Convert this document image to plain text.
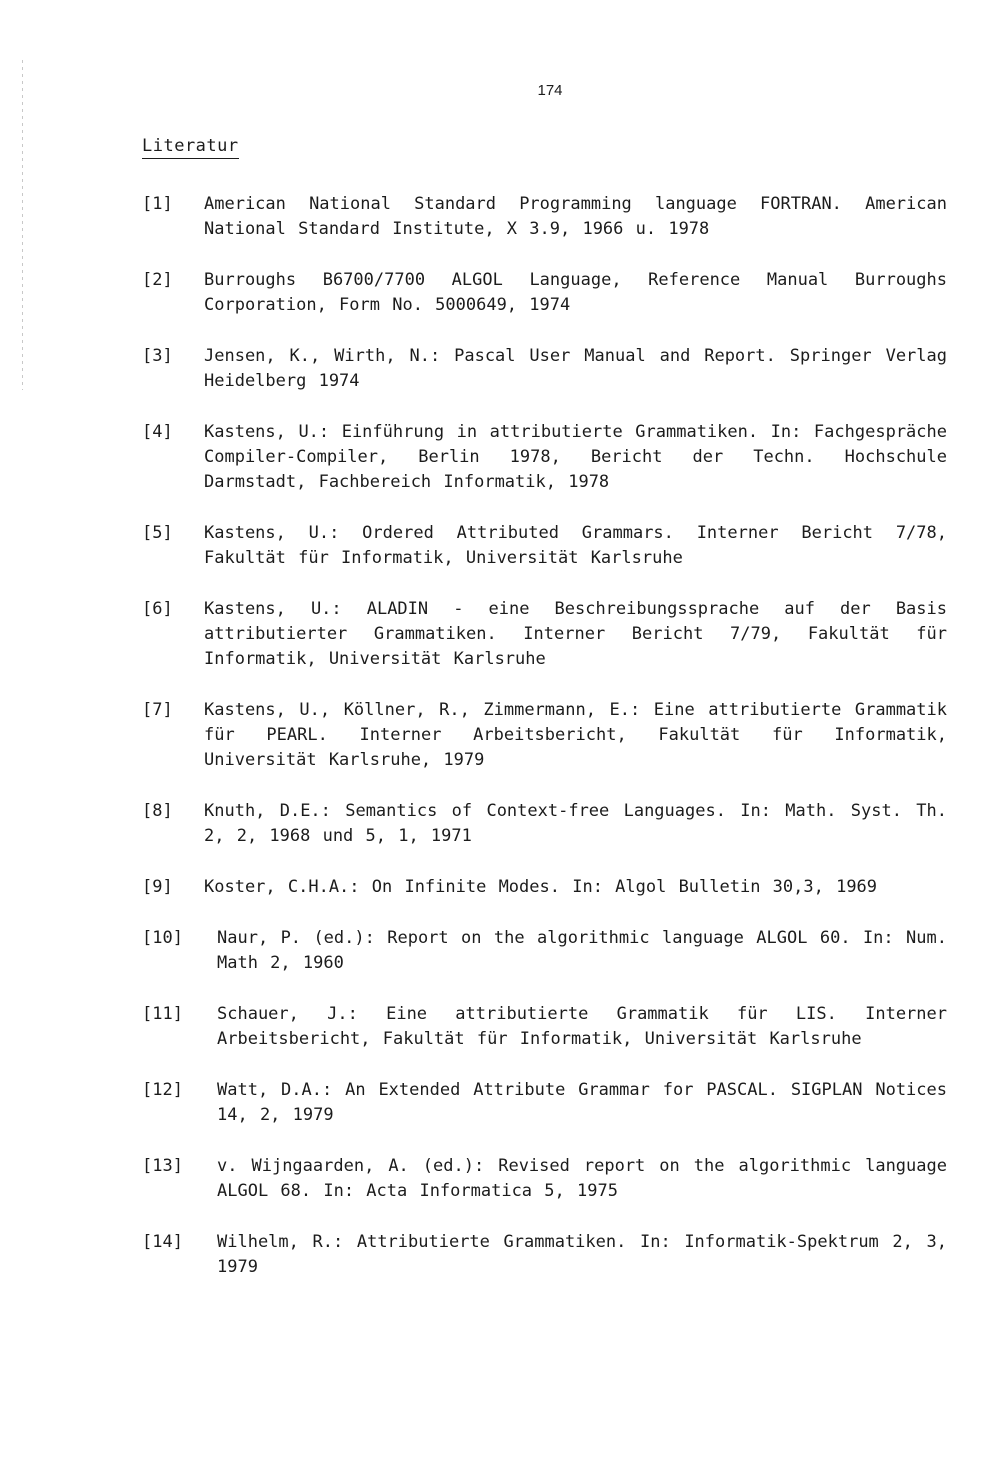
174
Literatur
[1]	American National Standard Programming language FORTRAN. American National Standard Institute, X 3.9, 1966 u. 1978
[2]	Burroughs B6700/7700 ALGOL Language, Reference Manual Burroughs Corporation, Form No. 5000649, 1974
[3]	Jensen, K., Wirth, N.: Pascal User Manual and Report. Springer Verlag Heidelberg 1974
[4]	Kastens, U.: Einführung in attributierte Grammatiken. In: Fachgespräche Compiler-Compiler, Berlin 1978, Bericht der Techn. Hochschule Darmstadt, Fachbereich Informatik, 1978
[5]	Kastens, U.: Ordered Attributed Grammars. Interner Bericht 7/78, Fakultät für Informatik, Universität Karlsruhe
[6]	Kastens, U.: ALADIN - eine Beschreibungssprache auf der Basis attributierter Grammatiken. Interner Bericht 7/79, Fakultät für Informatik, Universität Karlsruhe
[7]	Kastens, U., Köllner, R., Zimmermann, E.: Eine attributierte Grammatik für PEARL. Interner Arbeitsbericht, Fakultät für Informatik, Universität Karlsruhe, 1979
[8]	Knuth, D.E.: Semantics of Context-free Languages. In: Math. Syst. Th. 2, 2, 1968 und 5, 1, 1971
[9]	Koster, C.H.A.: On Infinite Modes. In: Algol Bulletin 30,3, 1969
[10]	Naur, P. (ed.): Report on the algorithmic language ALGOL 60. In: Num. Math 2, 1960
[11]	Schauer, J.: Eine attributierte Grammatik für LIS. Interner Arbeitsbericht, Fakultät für Informatik, Universität Karlsruhe
[12]	Watt, D.A.: An Extended Attribute Grammar for PASCAL. SIGPLAN Notices 14, 2, 1979
[13]	v. Wijngaarden, A. (ed.): Revised report on the algorithmic language ALGOL 68. In: Acta Informatica 5, 1975
[14]	Wilhelm, R.: Attributierte Grammatiken. In: Informatik-Spektrum 2, 3, 1979
